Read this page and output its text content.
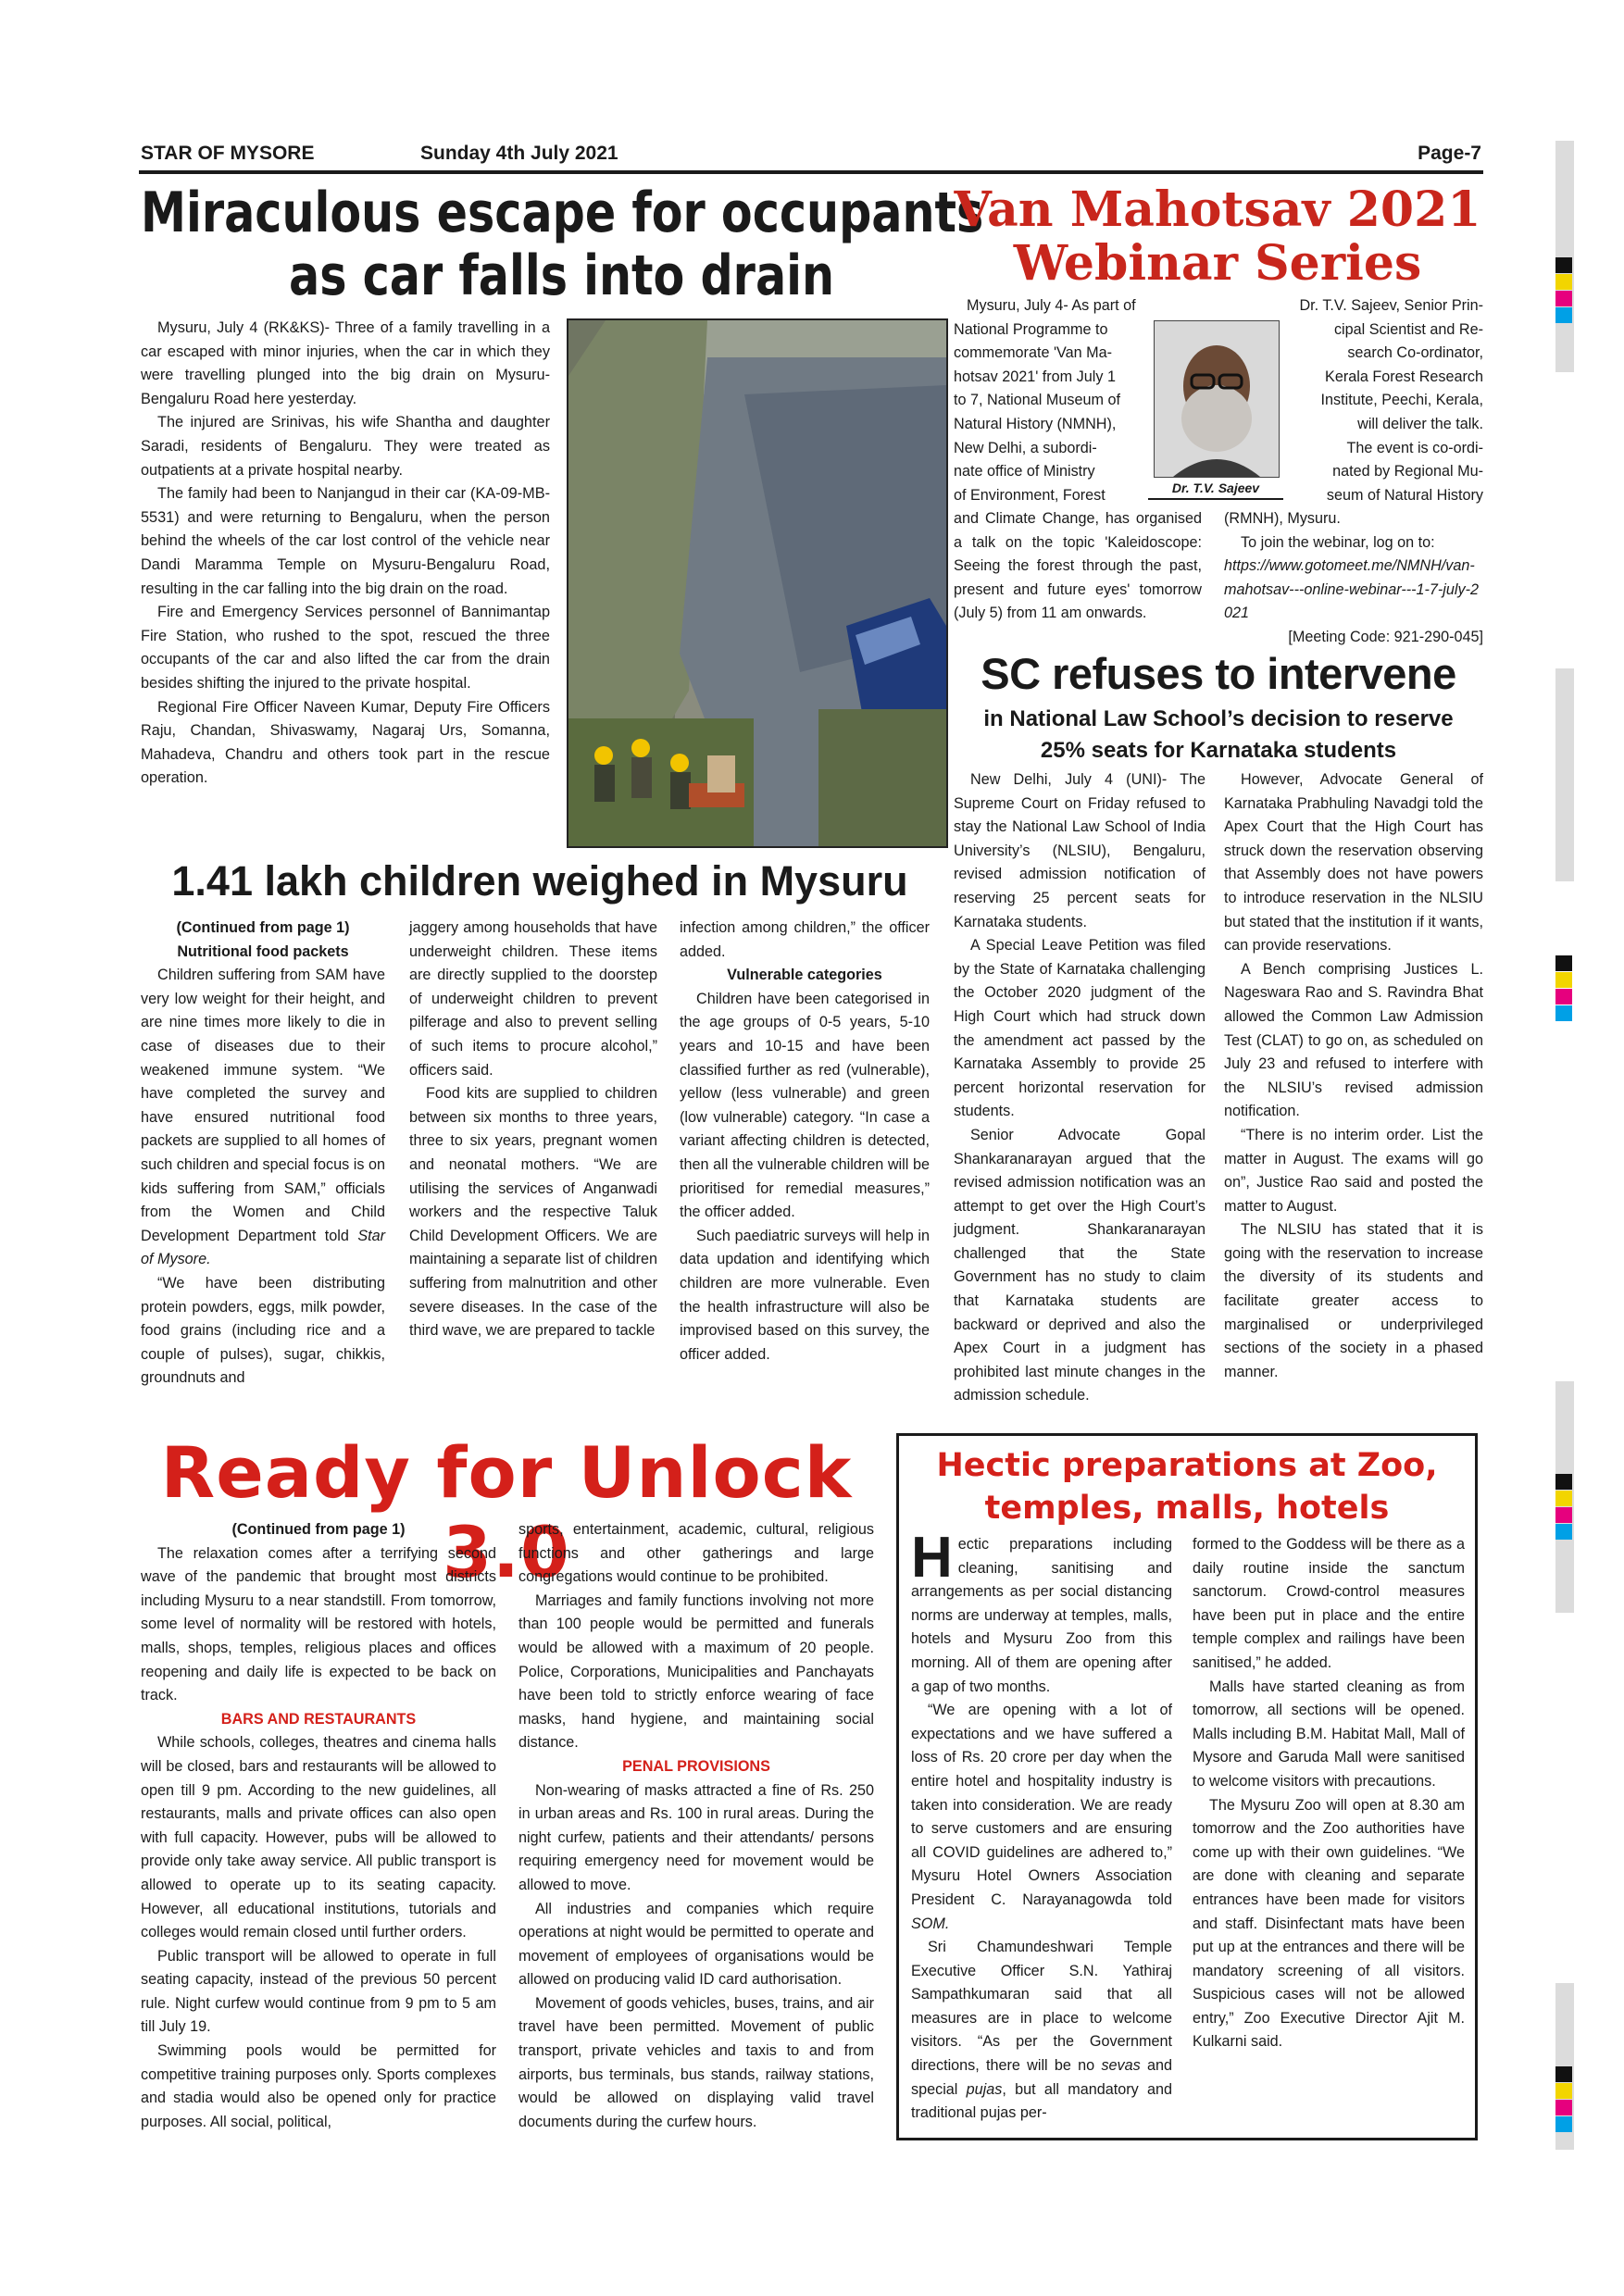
STAR OF MYSORE	Sunday 4th July 2021	Page-7
Miraculous escape for occupants
as car falls into drain

Mysuru, July 4 (RK&KS)- Three of a family travelling in a car escaped with minor injuries, when the car in which they were travelling plunged into the big drain on Mysuru-Bengaluru Road here yesterday.

The injured are Srinivas, his wife Shantha and daughter Saradi, residents of Bengaluru. They were treated as outpatients at a private hospital nearby.

The family had been to Nanjangud in their car (KA-09-MB-5531) and were returning to Bengaluru, when the person behind the wheels of the car lost control of the vehicle near Dandi Maramma Temple on Mysuru-Bengaluru Road, resulting in the car falling into the big drain on the road.

Fire and Emergency Services personnel of Bannimantap Fire Station, who rushed to the spot, rescued the three occupants of the car and also lifted the car from the drain besides shifting the injured to the private hospital.

Regional Fire Officer Naveen Kumar, Deputy Fire Officers Raju, Chandan, Shivaswamy, Nagaraj Urs, Somanna, Mahadeva, Chandru and others took part in the rescue operation.

Van Mahotsav 2021
Webinar Series
Mysuru, July 4- As part of
National Programme to
commemorate 'Van Ma-
hotsav 2021' from July 1
to 7, National Museum of
Natural History (NMNH),
New Delhi, a subordi-
nate office of Ministry
of Environment, Forest

and Climate Change, has organised a talk on the topic 'Kaleidoscope: Seeing the forest through the past, present and future eyes' tomorrow (July 5) from 11 am onwards.

Dr. T.V. Sajeev
Dr. T.V. Sajeev, Senior Prin-
cipal Scientist and Re-
search Co-ordinator,
Kerala Forest Research
Institute, Peechi, Kerala,
will deliver the talk.
The event is co-ordi-
nated by Regional Mu-
seum of Natural History

(RMNH), Mysuru.

To join the webinar, log on to:

https://www.gotomeet.me/NMNH/van-mahotsav---online-webinar---1-7-july-2021

[Meeting Code: 921-290-045]

SC refuses to intervene
in National Law School’s decision to reserve
25% seats for Karnataka students

New Delhi, July 4 (UNI)- The Supreme Court on Friday refused to stay the National Law School of India University’s (NLSIU), Bengaluru, revised admission notification of reserving 25 percent seats for Karnataka students.

A Special Leave Petition was filed by the State of Karnataka challenging the October 2020 judgment of the High Court which had struck down the amendment act passed by the Karnataka Assembly to provide 25 percent horizontal reservation for students.

Senior Advocate Gopal Shankaranarayan argued that the revised admission notification was an attempt to get over the High Court’s judgment. Shankaranarayan challenged that the State Government has no study to claim that Karnataka students are backward or deprived and also the Apex Court in a judgment has prohibited last minute changes in the admission schedule.

However, Advocate General of Karnataka Prabhuling Navadgi told the Apex Court that the High Court has struck down the reservation observing that Assembly does not have powers to introduce reservation in the NLSIU but stated that the institution if it wants, can provide reservations.

A Bench comprising Justices L. Nageswara Rao and S. Ravindra Bhat allowed the Common Law Admission Test (CLAT) to go on, as scheduled on July 23 and refused to interfere with the NLSIU’s revised admission notification.

“There is no interim order. List the matter in August. The exams will go on”, Justice Rao said and posted the matter to August.

The NLSIU has stated that it is going with the reservation to increase the diversity of its students and facilitate greater access to marginalised or underprivileged sections of the society in a phased manner.

1.41 lakh children weighed in Mysuru

(Continued from page 1)

Nutritional food packets

Children suffering from SAM have very low weight for their height, and are nine times more likely to die in case of diseases due to their weakened immune system. “We have completed the survey and have ensured nutritional food packets are supplied to all homes of such children and special focus is on kids suffering from SAM,” officials from the Women and Child Development Department told Star of Mysore.

“We have been distributing protein powders, eggs, milk powder, food grains (including rice and a couple of pulses), sugar, chikkis, groundnuts and

jaggery among households that have underweight children. These items are directly supplied to the doorstep of underweight children to prevent pilferage and also to prevent selling of such items to procure alcohol,” officers said.

Food kits are supplied to children between six months to three years, three to six years, pregnant women and neonatal mothers. “We are utilising the services of Anganwadi workers and the respective Taluk Child Development Officers. We are maintaining a separate list of children suffering from malnutrition and other severe diseases. In the case of the third wave, we are prepared to tackle

infection among children,” the officer added.

Vulnerable categories

Children have been categorised in the age groups of 0-5 years, 5-10 years and 10-15 and have been classified further as red (vulnerable), yellow (less vulnerable) and green (low vulnerable) category. “In case a variant affecting children is detected, then all the vulnerable children will be prioritised for remedial measures,” the officer added.

Such paediatric surveys will help in data updation and identifying which children are more vulnerable. Even the health infrastructure will also be improvised based on this survey, the officer added.

Ready for Unlock 3.0

(Continued from page 1)

The relaxation comes after a terrifying second wave of the pandemic that brought most districts including Mysuru to a near standstill. From tomorrow, some level of normality will be restored with hotels, malls, shops, temples, religious places and offices reopening and daily life is expected to be back on track.

BARS AND RESTAURANTS

While schools, colleges, theatres and cinema halls will be closed, bars and restaurants will be allowed to open till 9 pm. According to the new guidelines, all restaurants, malls and private offices can also open with full capacity. However, pubs will be allowed to provide only take away service. All public transport is allowed to operate up to its seating capacity. However, all educational institutions, tutorials and colleges would remain closed until further orders.

Public transport will be allowed to operate in full seating capacity, instead of the previous 50 percent rule. Night curfew would continue from 9 pm to 5 am till July 19.

Swimming pools would be permitted for competitive training purposes only. Sports complexes and stadia would also be opened only for practice purposes. All social, political,

sports, entertainment, academic, cultural, religious functions and other gatherings and large congregations would continue to be prohibited.

Marriages and family functions involving not more than 100 people would be permitted and funerals would be allowed with a maximum of 20 people. Police, Corporations, Municipalities and Panchayats have been told to strictly enforce wearing of face masks, hand hygiene, and maintaining social distance.

PENAL PROVISIONS

Non-wearing of masks attracted a fine of Rs. 250 in urban areas and Rs. 100 in rural areas. During the night curfew, patients and their attendants/ persons requiring emergency need for movement would be allowed to move.

All industries and companies which require operations at night would be permitted to operate and movement of employees of organisations would be allowed on producing valid ID card authorisation.

Movement of goods vehicles, buses, trains, and air travel have been permitted. Movement of public transport, private vehicles and taxis to and from airports, bus terminals, bus stands, railway stations, would be allowed on displaying valid travel documents during the curfew hours.

Hectic preparations at Zoo,
temples, malls, hotels

Hectic preparations including cleaning, sanitising and arrangements as per social distancing norms are underway at temples, malls, hotels and Mysuru Zoo from this morning. All of them are opening after a gap of two months.

“We are opening with a lot of expectations and we have suffered a loss of Rs. 20 crore per day when the entire hotel and hospitality industry is taken into consideration. We are ready to serve customers and are ensuring all COVID guidelines are adhered to,” Mysuru Hotel Owners Association President C. Narayanagowda told SOM.

Sri Chamundeshwari Temple Executive Officer S.N. Yathiraj Sampathkumaran said that all measures are in place to welcome visitors. “As per the Government directions, there will be no sevas and special pujas, but all mandatory and traditional pujas per-

formed to the Goddess will be there as a daily routine inside the sanctum sanctorum. Crowd-control measures have been put in place and the entire temple complex and railings have been sanitised,” he added.

Malls have started cleaning as from tomorrow, all sections will be opened. Malls including B.M. Habitat Mall, Mall of Mysore and Garuda Mall were sanitised to welcome visitors with precautions.

The Mysuru Zoo will open at 8.30 am tomorrow and the Zoo authorities have come up with their own guidelines. “We are done with cleaning and separate entrances have been made for visitors and staff. Disinfectant mats have been put up at the entrances and there will be mandatory screening of all visitors. Suspicious cases will not be allowed entry,” Zoo Executive Director Ajit M. Kulkarni said.
